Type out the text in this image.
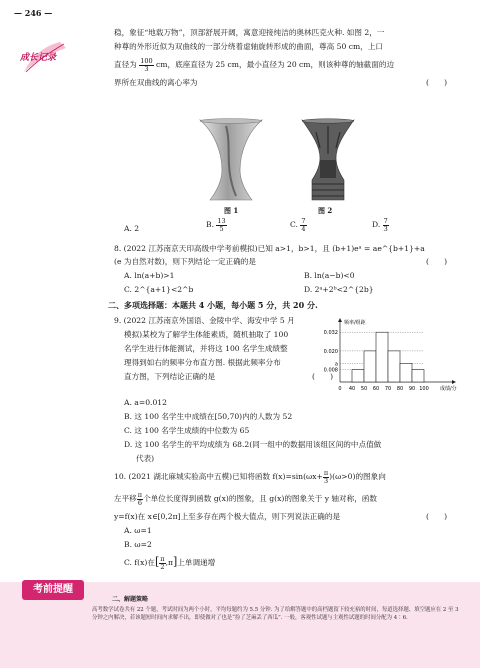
— 246 —
成长记录
稳，象征“地载万物”，顶部舒展开阔，寓意迎接纯洁的奥林匹克火种. 如图 2，一
种尊的外形近似为双曲线的一部分绕着虚轴旋转形成的曲面，尊高 50 cm，上口
直径为 $\frac{100}{3}$ cm，底座直径为 25 cm，最小直径为 20 cm，则该种尊的轴截面的边
界所在双曲线的离心率为	(　　)
图 1	图 2
A. 2	B. $\frac{13}{5}$	C. $\frac{7}{4}$	D. $\frac{7}{3}$
8. (2022 江苏南京天印高级中学考前模拟)已知 a>1，b>1，且 (b+1)eᵃ = ae^{b+1}+a
(e 为自然对数)，则下列结论一定正确的是	(　　)
A. ln(a+b)>1	B. ln(a−b)<0
C. 2^{a+1}<2^b	D. 2ᵃ+2ᵇ<2^{2b}
二、多项选择题：本题共 4 小题，每小题 5 分，共 20 分.
9. (2022 江苏南京外国语、金陵中学、海安中学 5 月
模拟)某校为了解学生体能素质，随机抽取了 100
名学生进行体能测试，并将这 100 名学生成绩整
理得到如右的频率分布直方图. 根据此频率分布
直方图，下列结论正确的是	(　　)
0.032
0.020
a
0.008
0 40 50 60 70 80 90 100 成绩/分
频率/组距
A. a=0.012
B. 这 100 名学生中成绩在[50,70)内的人数为 52
C. 这 100 名学生成绩的中位数为 65
D. 这 100 名学生的平均成绩为 68.2(同一组中的数据用该组区间的中点值做
代表)
10. (2021 湖北麻城实验高中五模)已知将函数 $f(x)=\sin(\omega x+ \frac{\pi}{3} )(\omega>0)$的图象向
左平移 $\frac{\pi}{6}$ 个单位长度得到函数 g(x)的图象，且 g(x)的图象关于 y 轴对称，函数
y=f(x)在 x∈[0,2π]上至多存在两个极大值点，则下列说法正确的是	(　　)
A. ω=1
B. ω=2
C. f(x)在[ $\frac{\pi}{2} ,\pi$]上单调递增
考前提醒
二、解题策略
高考数学试卷共有 22 个题，考试时间为两个小时，平均每题约为 5.5 分钟. 为了给解答题中的高档题留下较充裕的时间，每道选择题、填空题应在 2 至 3 分钟之内解决，若该题短时间内求解不出，即使做对了也是“捡了芝麻丢了西瓜”. 一般，客观性试题与主观性试题的时间分配为 4∶6.
